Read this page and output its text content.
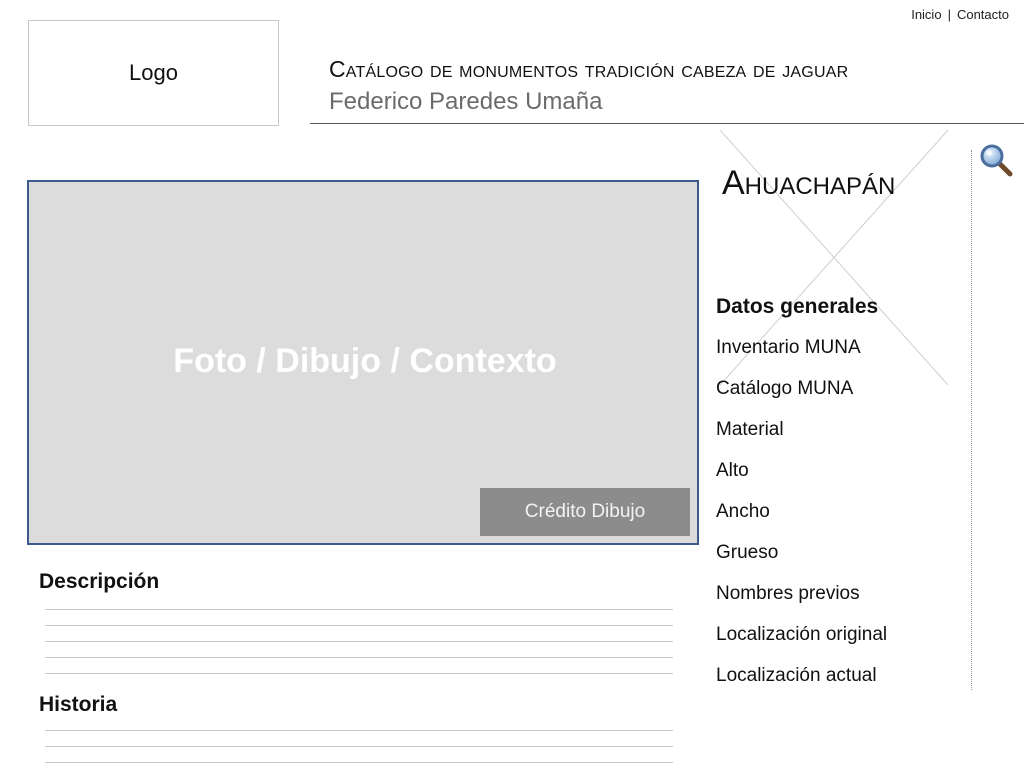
Inicio | Contacto
Logo	Catálogo de monumentos tradición cabeza de jaguar
Federico Paredes Umaña
Foto / Dibujo / Contexto
Crédito Dibujo
Ahuachapán
Datos generales
Inventario MUNA
Catálogo MUNA
Material
Alto
Ancho
Grueso
Nombres previos
Localización original
Localización actual
Descripción
Historia
